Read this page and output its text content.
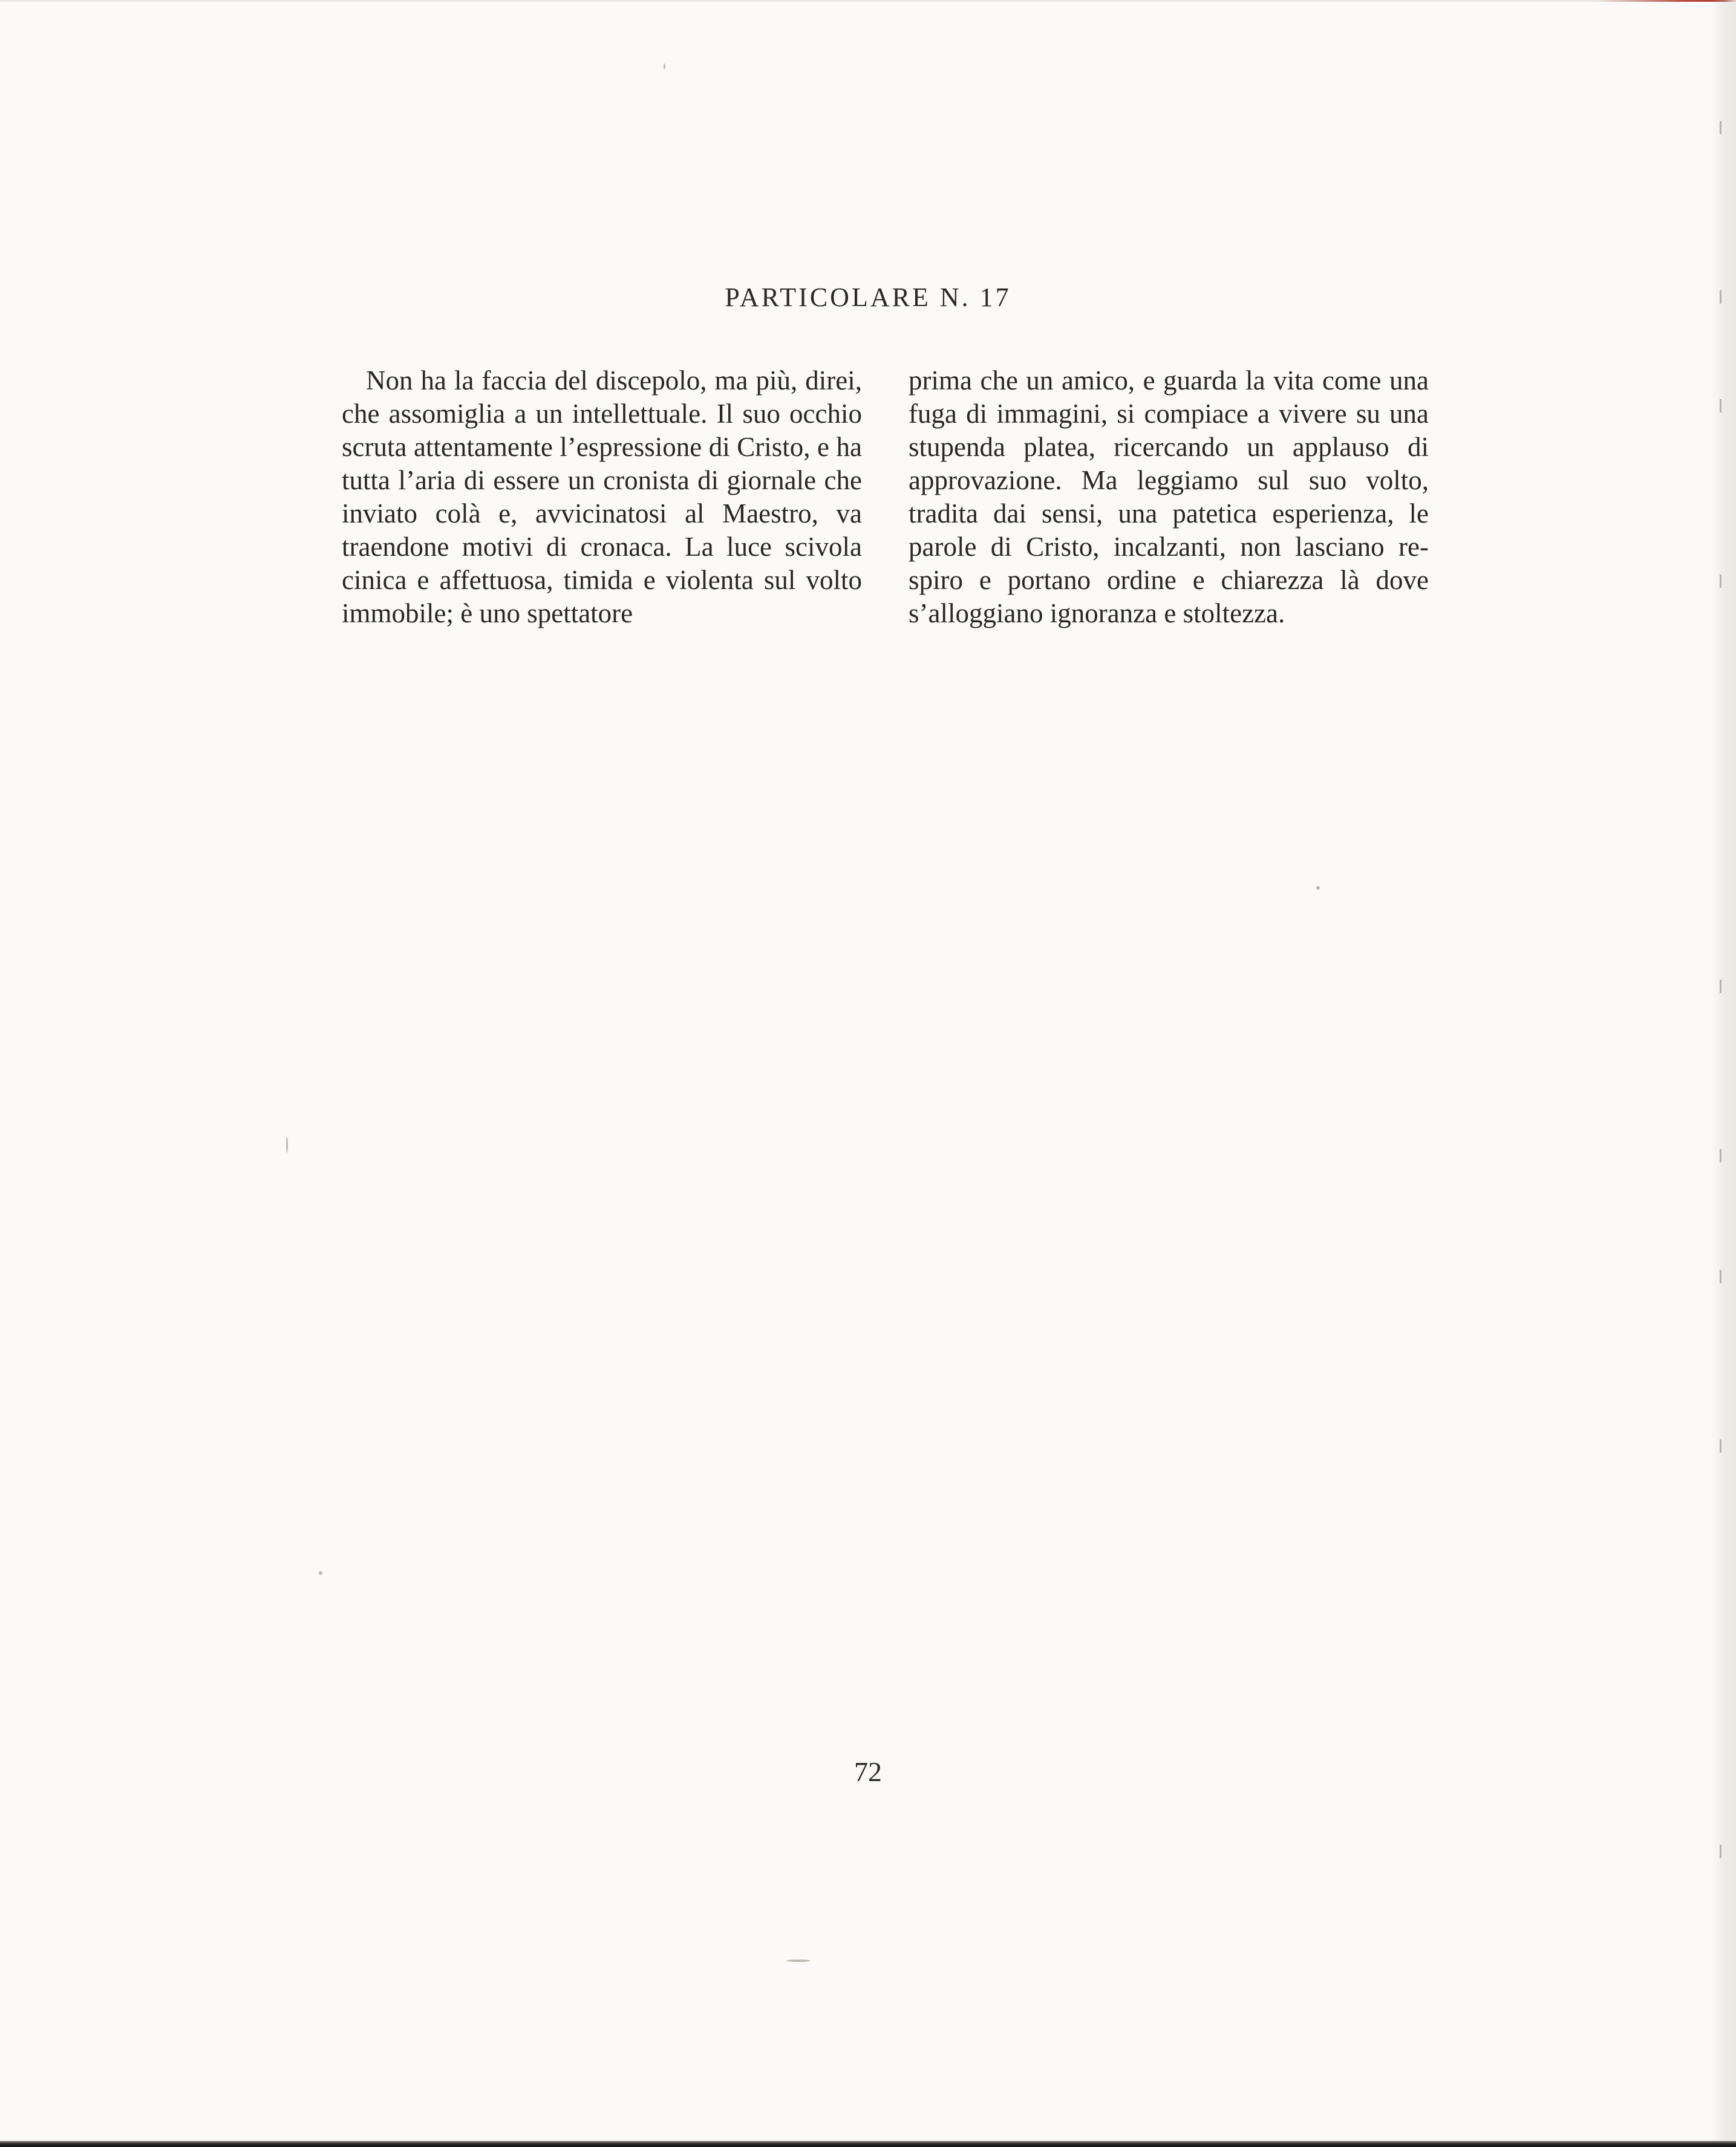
PARTICOLARE N. 17

Non ha la faccia del discepolo, ma più, direi, che assomiglia a un intellettuale. Il suo occhio scruta attentamente l’espressione di Cristo, e ha tutta l’aria di essere un cronista di giornale che inviato colà e, avvicinatosi al Maestro, va traendone motivi di cronaca. La luce scivola cinica e affettuosa, timida e violenta sul volto immobile; è uno spettatore

prima che un amico, e guarda la vita come una fuga di immagini, si compiace a vivere su una stupenda platea, ricercando un applauso di approvazione. Ma leggiamo sul suo volto, tradita dai sensi, una patetica esperienza, le parole di Cristo, incalzanti, non lasciano respiro e portano ordine e chiarezza là dove s’alloggiano ignoranza e stoltezza.

72
